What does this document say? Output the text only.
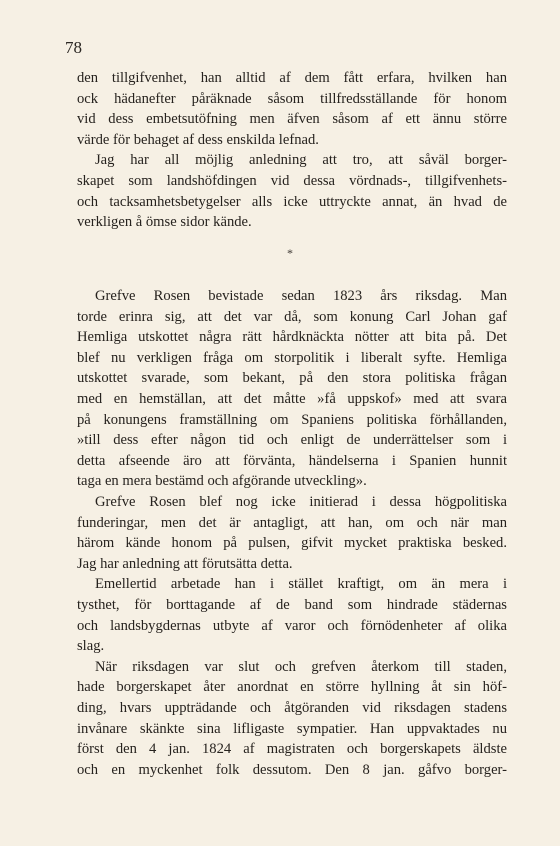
78
den tillgifvenhet, han alltid af dem fått erfara, hvilken han
ock hädanefter påräknade såsom tillfredsställande för honom
vid dess embetsutöfning men äfven såsom af ett ännu större
värde för behaget af dess enskilda lefnad.
Jag har all möjlig anledning att tro, att såväl borger-
skapet som landshöfdingen vid dessa vördnads-, tillgifvenhets-
och tacksamhetsbetygelser alls icke uttryckte annat, än hvad de
verkligen å ömse sidor kände.
*
Grefve Rosen bevistade sedan 1823 års riksdag. Man
torde erinra sig, att det var då, som konung Carl Johan gaf
Hemliga utskottet några rätt hårdknäckta nötter att bita på. Det
blef nu verkligen fråga om storpolitik i liberalt syfte. Hemliga
utskottet svarade, som bekant, på den stora politiska frågan
med en hemställan, att det måtte »få uppskof» med att svara
på konungens framställning om Spaniens politiska förhållanden,
»till dess efter någon tid och enligt de underrättelser som i
detta afseende äro att förvänta, händelserna i Spanien hunnit
taga en mera bestämd och afgörande utveckling».
Grefve Rosen blef nog icke initierad i dessa högpolitiska
funderingar, men det är antagligt, att han, om och när man
härom kände honom på pulsen, gifvit mycket praktiska besked.
Jag har anledning att förutsätta detta.
Emellertid arbetade han i stället kraftigt, om än mera i
tysthet, för borttagande af de band som hindrade städernas
och landsbygdernas utbyte af varor och förnödenheter af olika
slag.
När riksdagen var slut och grefven återkom till staden,
hade borgerskapet åter anordnat en större hyllning åt sin höf-
ding, hvars uppträdande och åtgöranden vid riksdagen stadens
invånare skänkte sina lifligaste sympatier. Han uppvaktades nu
först den 4 jan. 1824 af magistraten och borgerskapets äldste
och en myckenhet folk dessutom. Den 8 jan. gåfvo borger-
